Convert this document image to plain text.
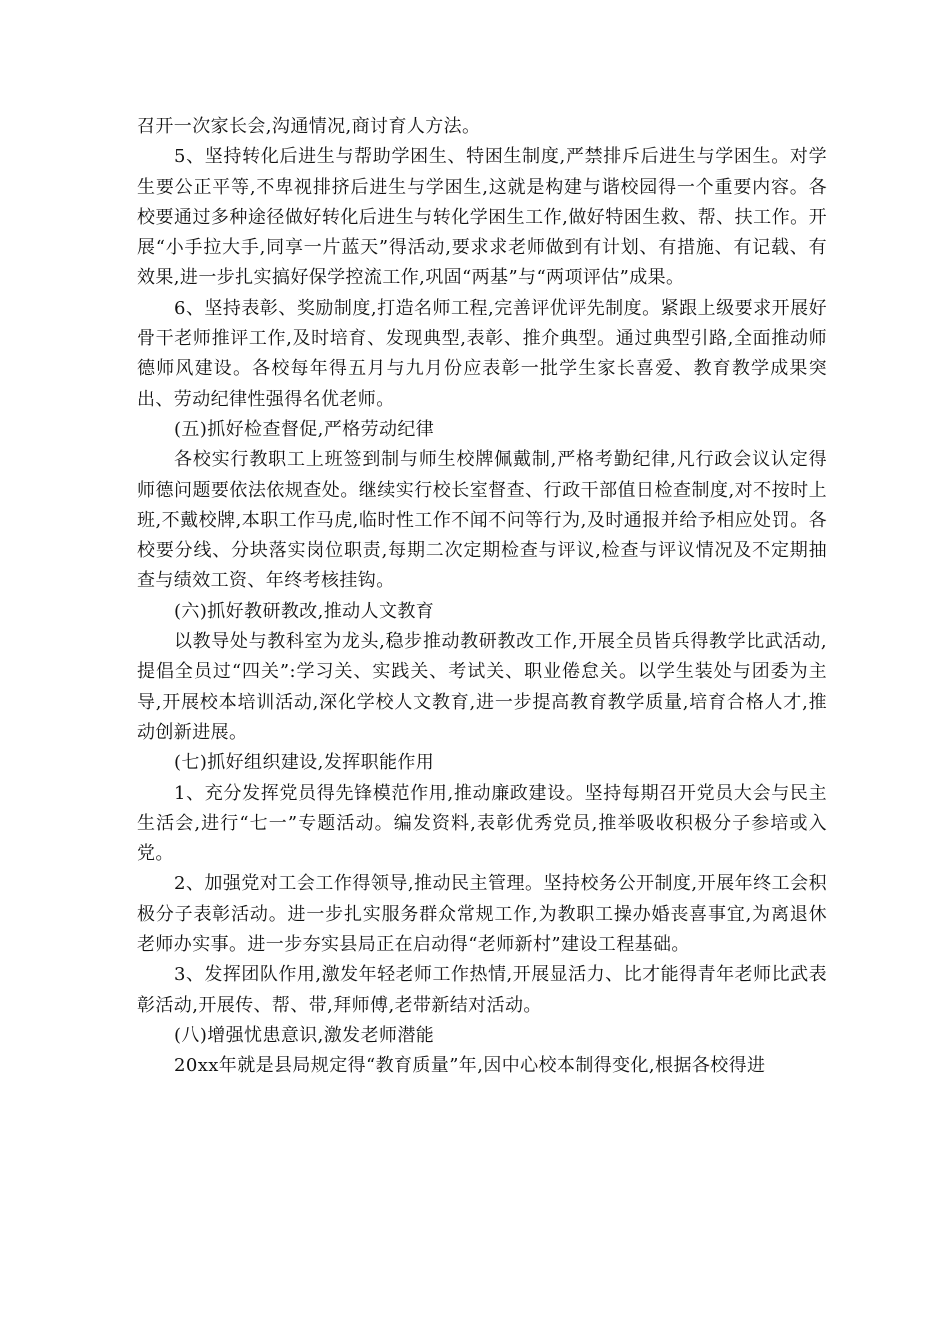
召开一次家长会,沟通情况,商讨育人方法。

5、坚持转化后进生与帮助学困生、特困生制度,严禁排斥后进生与学困生。对学生要公正平等,不卑视排挤后进生与学困生,这就是构建与谐校园得一个重要内容。各校要通过多种途径做好转化后进生与转化学困生工作,做好特困生救、帮、扶工作。开展“小手拉大手,同享一片蓝天”得活动,要求求老师做到有计划、有措施、有记载、有效果,进一步扎实搞好保学控流工作,巩固“两基”与“两项评估”成果。

6、坚持表彰、奖励制度,打造名师工程,完善评优评先制度。紧跟上级要求开展好骨干老师推评工作,及时培育、发现典型,表彰、推介典型。通过典型引路,全面推动师德师风建设。各校每年得五月与九月份应表彰一批学生家长喜爱、教育教学成果突出、劳动纪律性强得名优老师。

(五)抓好检查督促,严格劳动纪律

各校实行教职工上班签到制与师生校牌佩戴制,严格考勤纪律,凡行政会议认定得师德问题要依法依规查处。继续实行校长室督查、行政干部值日检查制度,对不按时上班,不戴校牌,本职工作马虎,临时性工作不闻不问等行为,及时通报并给予相应处罚。各校要分线、分块落实岗位职责,每期二次定期检查与评议,检查与评议情况及不定期抽查与绩效工资、年终考核挂钩。

(六)抓好教研教改,推动人文教育

以教导处与教科室为龙头,稳步推动教研教改工作,开展全员皆兵得教学比武活动,提倡全员过“四关”:学习关、实践关、考试关、职业倦怠关。以学生装处与团委为主导,开展校本培训活动,深化学校人文教育,进一步提高教育教学质量,培育合格人才,推动创新进展。

(七)抓好组织建设,发挥职能作用

1、充分发挥党员得先锋模范作用,推动廉政建设。坚持每期召开党员大会与民主生活会,进行“七一”专题活动。编发资料,表彰优秀党员,推举吸收积极分子参培或入党。

2、加强党对工会工作得领导,推动民主管理。坚持校务公开制度,开展年终工会积极分子表彰活动。进一步扎实服务群众常规工作,为教职工操办婚丧喜事宜,为离退休老师办实事。进一步夯实县局正在启动得“老师新村”建设工程基础。

3、发挥团队作用,激发年轻老师工作热情,开展显活力、比才能得青年老师比武表彰活动,开展传、帮、带,拜师傅,老带新结对活动。

(八)增强忧患意识,激发老师潜能

20xx年就是县局规定得“教育质量”年,因中心校本制得变化,根据各校得进
